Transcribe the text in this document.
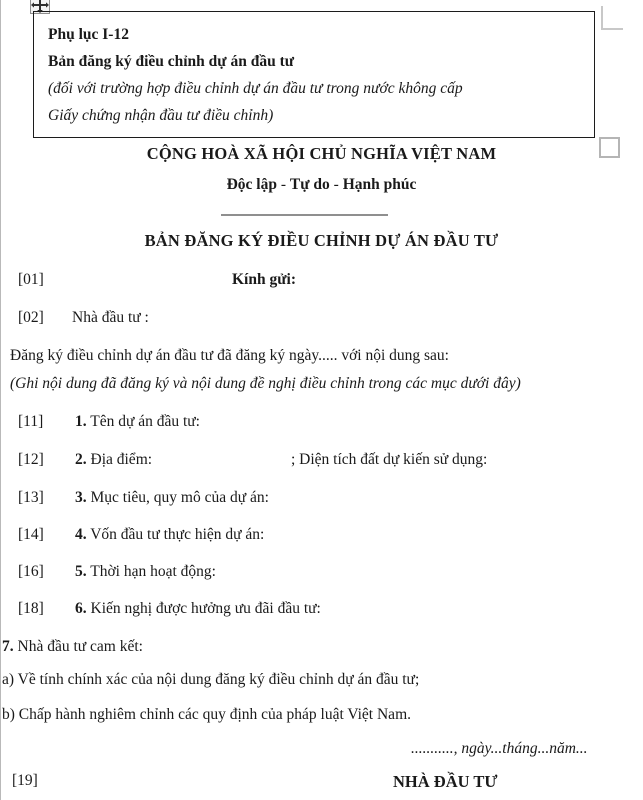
Phụ lục I-12
Bản đăng ký điều chỉnh dự án đầu tư
(đối với trường hợp điều chỉnh dự án đầu tư trong nước không cấp
Giấy chứng nhận đầu tư điều chỉnh)
CỘNG HOÀ XÃ HỘI CHỦ NGHĨA VIỆT NAM
Độc lập - Tự do - Hạnh phúc
BẢN ĐĂNG KÝ ĐIỀU CHỈNH DỰ ÁN ĐẦU TƯ
[01]	Kính gửi:
[02] Nhà đầu tư :
Đăng ký điều chỉnh dự án đầu tư đã đăng ký ngày..... với nội dung sau:
(Ghi nội dung đã đăng ký và nội dung đề nghị điều chỉnh trong các mục dưới đây)
[11] 1. Tên dự án đầu tư:
[12] 2. Địa điểm:	; Diện tích đất dự kiến sử dụng:
[13] 3. Mục tiêu, quy mô của dự án:
[14] 4. Vốn đầu tư thực hiện dự án:
[16] 5. Thời hạn hoạt động:
[18] 6. Kiến nghị được hưởng ưu đãi đầu tư:
7. Nhà đầu tư cam kết:
a) Về tính chính xác của nội dung đăng ký điều chỉnh dự án đầu tư;
b) Chấp hành nghiêm chỉnh các quy định của pháp luật Việt Nam.
..........., ngày...tháng...năm...
[19]	NHÀ ĐẦU TƯ
